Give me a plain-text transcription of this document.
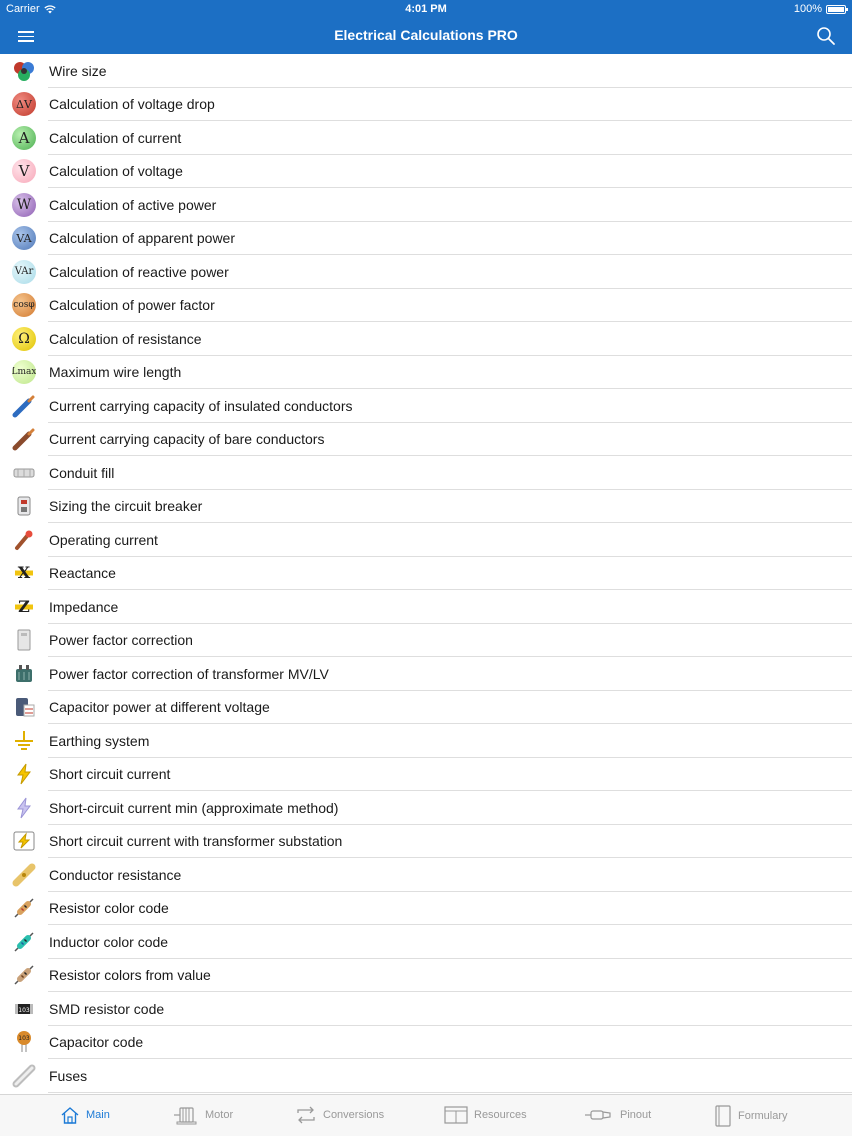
Carrier	4:01 PM	100%
Electrical Calculations PRO
Wire size
ΔV Calculation of voltage drop
A	Calculation of current
V	Calculation of voltage
W	Calculation of active power
VA	Calculation of apparent power
VAr Calculation of reactive power
cosφ Calculation of power factor
Ω	Calculation of resistance
Lmax Maximum wire length
Current carrying capacity of insulated conductors
Current carrying capacity of bare conductors
Conduit fill
Sizing the circuit breaker
Operating current
X Reactance
Z Impedance
Power factor correction
Power factor correction of transformer MV/LV
Capacitor power at different voltage
Earthing system
Short circuit current
Short-circuit current min (approximate method)
Short circuit current with transformer substation
Conductor resistance
Resistor color code
Inductor color code
Resistor colors from value
103 SMD resistor code
103 Capacitor code
Fuses
Main	Motor	Conversions	Resources	Pinout	Formulary
